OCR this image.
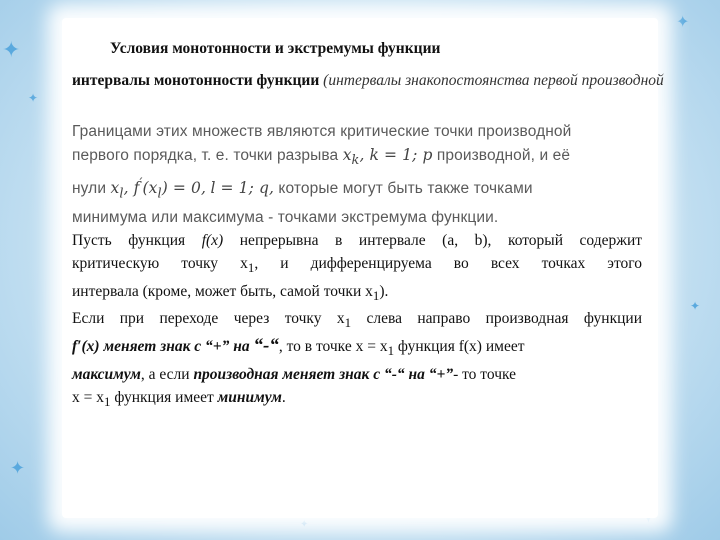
✦
✦
✦
✦
✦
✦
Условия монотонности и экстремумы функции
интервалы монотонности функции (интервалы знакопостоянства первой производной
Границами этих множеств являются критические точки производной
первого порядка, т. е. точки разрыва $x_k$, k = 1; p производной, и её
нули $x_l$, $f'(x_l) = 0$, l = 1; q, которые могут быть также точками
минимума или максимума - точками экстремума функции.
Пусть функция f(x) непрерывна в интервале (a, b), который содержит
критическую точку $x_1$, и дифференцируема во всех точках этого
интервала (кроме, может быть, самой точки $x_1$).
Если при переходе через точку $x_1$ слева направо производная функции
f′(x) меняет знак с “+” на “-“, то в точке $x = x_1$ функция f(x) имеет
максимум, а если производная меняет знак с “-“ на “+”- то точке
$x = x_1$ функция имеет минимум.
